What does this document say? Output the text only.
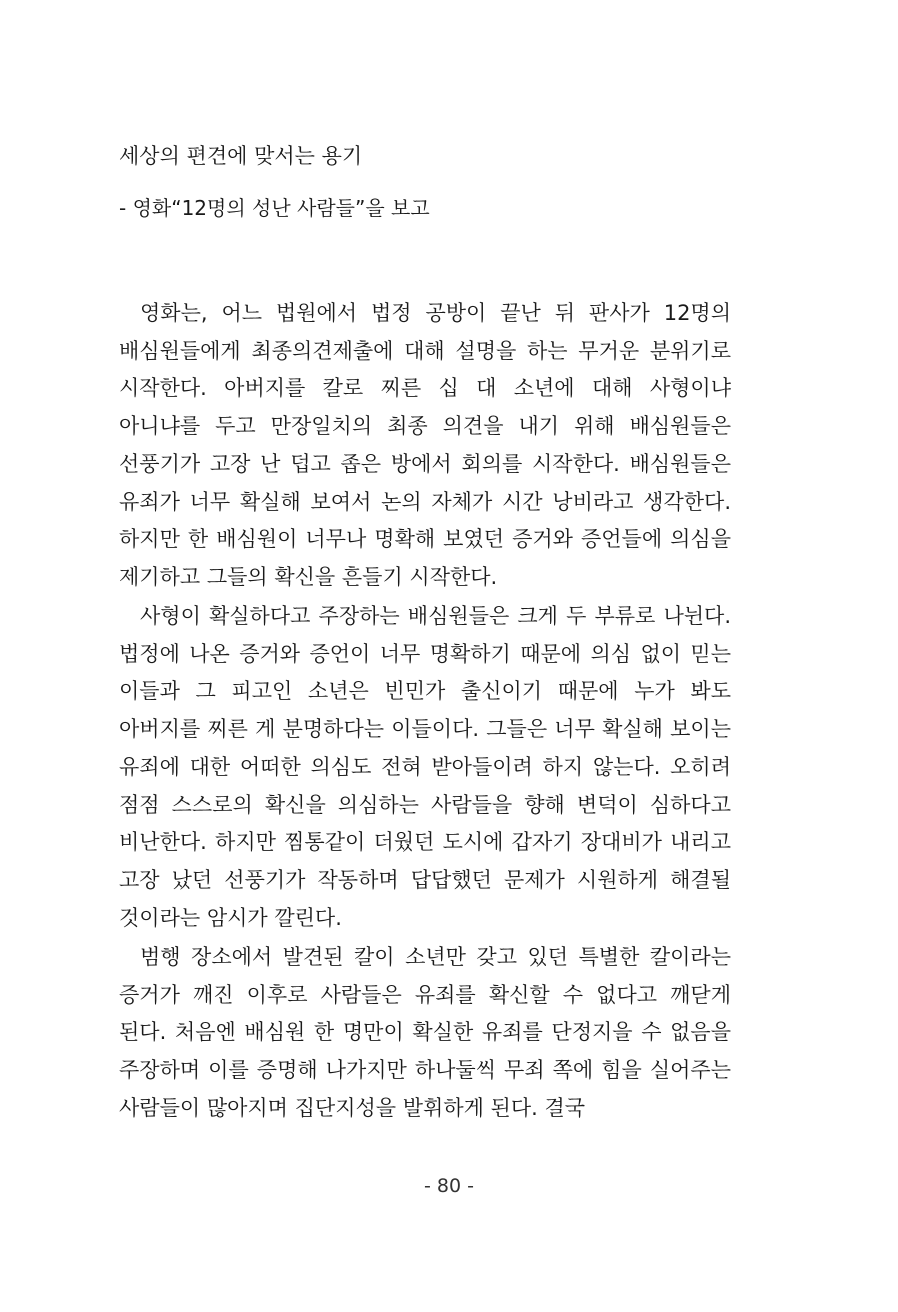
세상의 편견에 맞서는 용기
- 영화“12명의 성난 사람들”을 보고

영화는, 어느 법원에서 법정 공방이 끝난 뒤 판사가 12명의 배심원들에게 최종의견제출에 대해 설명을 하는 무거운 분위기로 시작한다. 아버지를 칼로 찌른 십 대 소년에 대해 사형이냐 아니냐를 두고 만장일치의 최종 의견을 내기 위해 배심원들은 선풍기가 고장 난 덥고 좁은 방에서 회의를 시작한다. 배심원들은 유죄가 너무 확실해 보여서 논의 자체가 시간 낭비라고 생각한다. 하지만 한 배심원이 너무나 명확해 보였던 증거와 증언들에 의심을 제기하고 그들의 확신을 흔들기 시작한다.

사형이 확실하다고 주장하는 배심원들은 크게 두 부류로 나뉜다. 법정에 나온 증거와 증언이 너무 명확하기 때문에 의심 없이 믿는 이들과 그 피고인 소년은 빈민가 출신이기 때문에 누가 봐도 아버지를 찌른 게 분명하다는 이들이다. 그들은 너무 확실해 보이는 유죄에 대한 어떠한 의심도 전혀 받아들이려 하지 않는다. 오히려 점점 스스로의 확신을 의심하는 사람들을 향해 변덕이 심하다고 비난한다. 하지만 찜통같이 더웠던 도시에 갑자기 장대비가 내리고 고장 났던 선풍기가 작동하며 답답했던 문제가 시원하게 해결될 것이라는 암시가 깔린다.

범행 장소에서 발견된 칼이 소년만 갖고 있던 특별한 칼이라는 증거가 깨진 이후로 사람들은 유죄를 확신할 수 없다고 깨닫게 된다. 처음엔 배심원 한 명만이 확실한 유죄를 단정지을 수 없음을 주장하며 이를 증명해 나가지만 하나둘씩 무죄 쪽에 힘을 실어주는 사람들이 많아지며 집단지성을 발휘하게 된다. 결국

- 80 -
